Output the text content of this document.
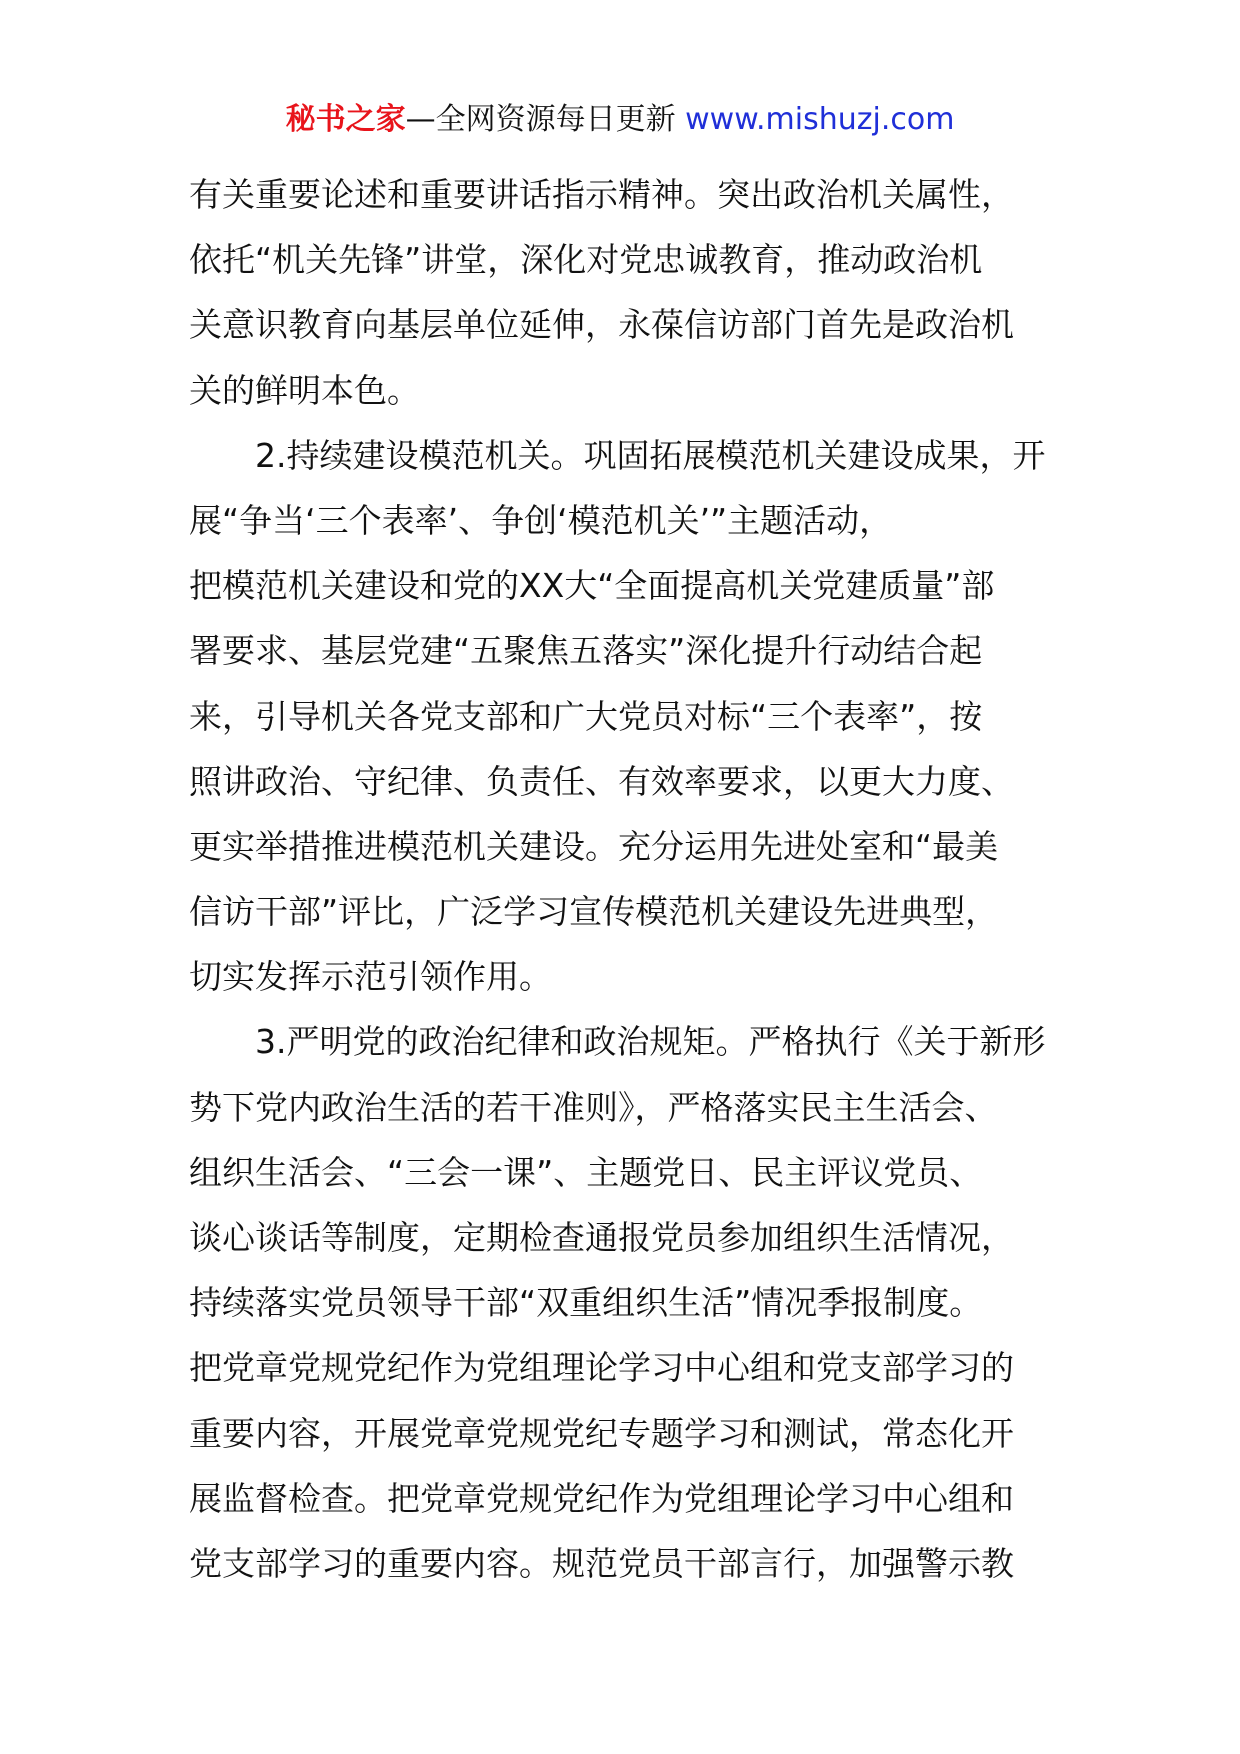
秘书之家—全网资源每日更新 www.mishuzj.com
有关重要论述和重要讲话指示精神。突出政治机关属性，
依托“机关先锋”讲堂，深化对党忠诚教育，推动政治机
关意识教育向基层单位延伸，永葆信访部门首先是政治机
关的鲜明本色。
　　2.持续建设模范机关。巩固拓展模范机关建设成果，开
展“争当‘三个表率’、争创‘模范机关’”主题活动，
把模范机关建设和党的XX大“全面提高机关党建质量”部
署要求、基层党建“五聚焦五落实”深化提升行动结合起
来，引导机关各党支部和广大党员对标“三个表率”，按
照讲政治、守纪律、负责任、有效率要求，以更大力度、
更实举措推进模范机关建设。充分运用先进处室和“最美
信访干部”评比，广泛学习宣传模范机关建设先进典型，
切实发挥示范引领作用。
　　3.严明党的政治纪律和政治规矩。严格执行《关于新形
势下党内政治生活的若干准则》，严格落实民主生活会、
组织生活会、“三会一课”、主题党日、民主评议党员、
谈心谈话等制度，定期检查通报党员参加组织生活情况，
持续落实党员领导干部“双重组织生活”情况季报制度。
把党章党规党纪作为党组理论学习中心组和党支部学习的
重要内容，开展党章党规党纪专题学习和测试，常态化开
展监督检查。把党章党规党纪作为党组理论学习中心组和
党支部学习的重要内容。规范党员干部言行，加强警示教
